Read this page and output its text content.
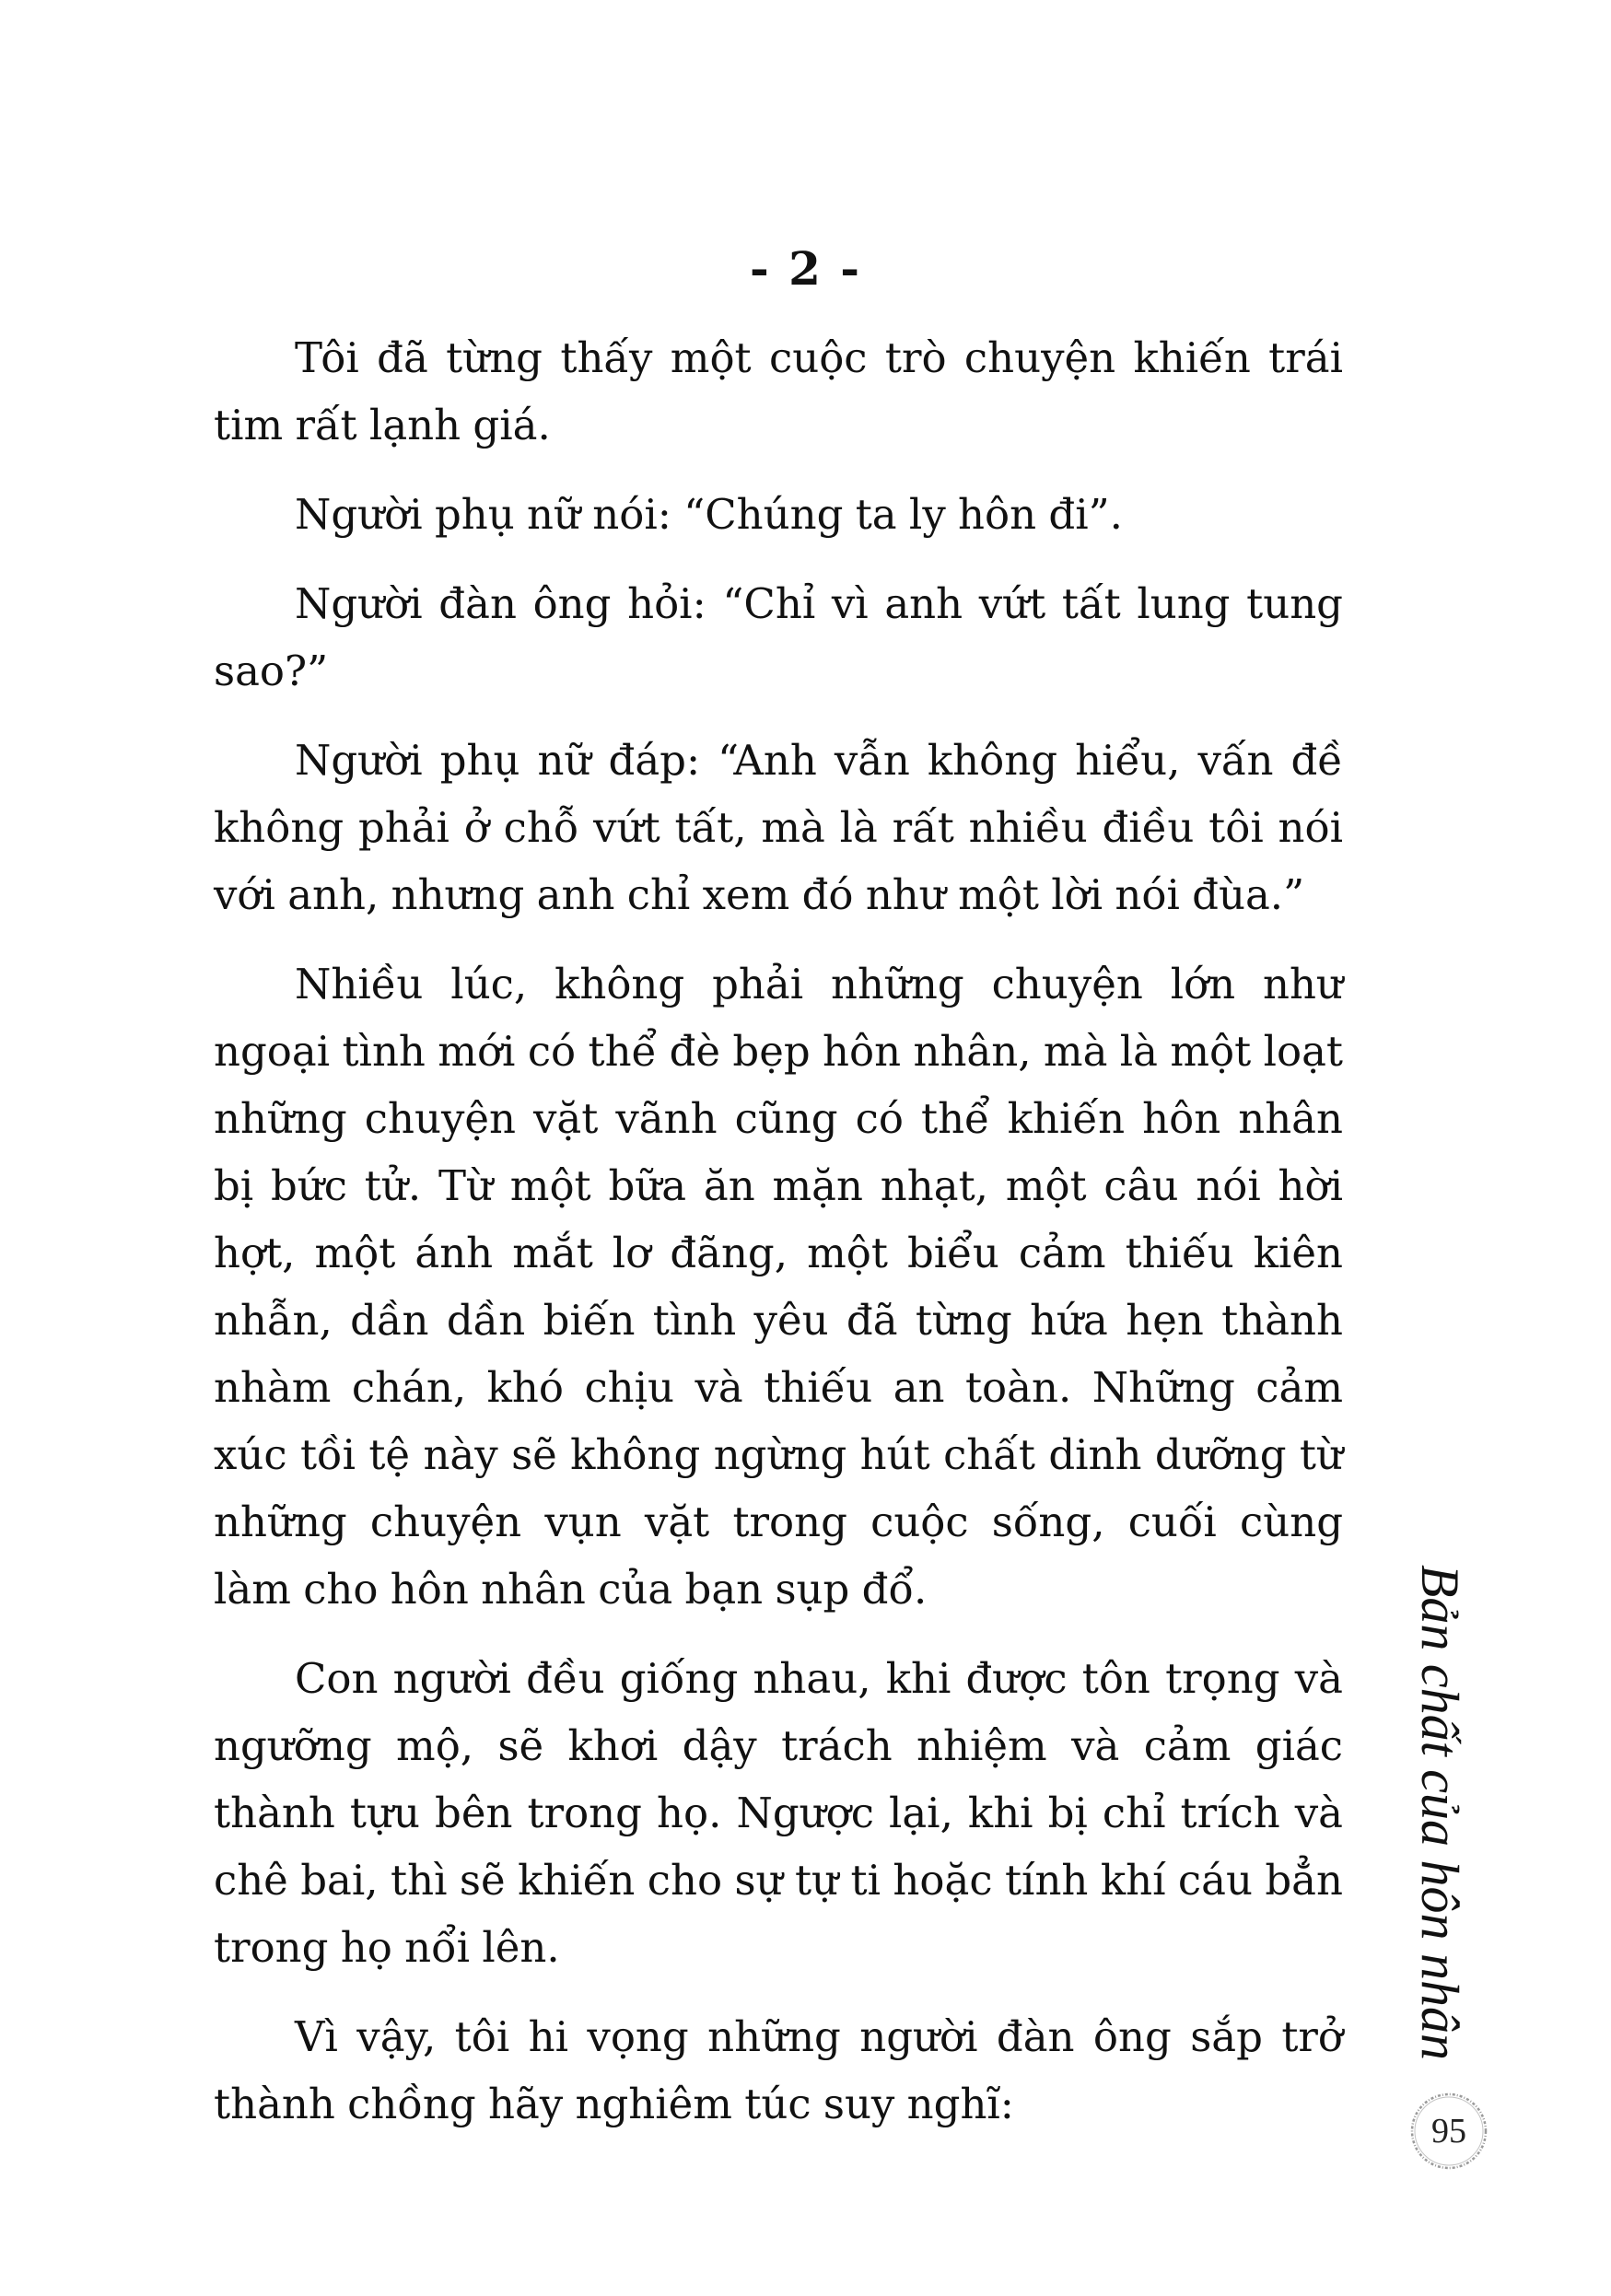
- 2 -

Tôi đã từng thấy một cuộc trò chuyện khiến trái tim rất lạnh giá.

Người phụ nữ nói: “Chúng ta ly hôn đi”.

Người đàn ông hỏi: “Chỉ vì anh vứt tất lung tung sao?”

Người phụ nữ đáp: “Anh vẫn không hiểu, vấn đề không phải ở chỗ vứt tất, mà là rất nhiều điều tôi nói với anh, nhưng anh chỉ xem đó như một lời nói đùa.”

Nhiều lúc, không phải những chuyện lớn như ngoại tình mới có thể đè bẹp hôn nhân, mà là một loạt những chuyện vặt vãnh cũng có thể khiến hôn nhân bị bức tử. Từ một bữa ăn mặn nhạt, một câu nói hời hợt, một ánh mắt lơ đãng, một biểu cảm thiếu kiên nhẫn, dần dần biến tình yêu đã từng hứa hẹn thành nhàm chán, khó chịu và thiếu an toàn. Những cảm xúc tồi tệ này sẽ không ngừng hút chất dinh dưỡng từ những chuyện vụn vặt trong cuộc sống, cuối cùng làm cho hôn nhân của bạn sụp đổ.

Con người đều giống nhau, khi được tôn trọng và ngưỡng mộ, sẽ khơi dậy trách nhiệm và cảm giác thành tựu bên trong họ. Ngược lại, khi bị chỉ trích và chê bai, thì sẽ khiến cho sự tự ti hoặc tính khí cáu bẳn trong họ nổi lên.

Vì vậy, tôi hi vọng những người đàn ông sắp trở thành chồng hãy nghiêm túc suy nghĩ:

Bản chất của hôn nhân
95
